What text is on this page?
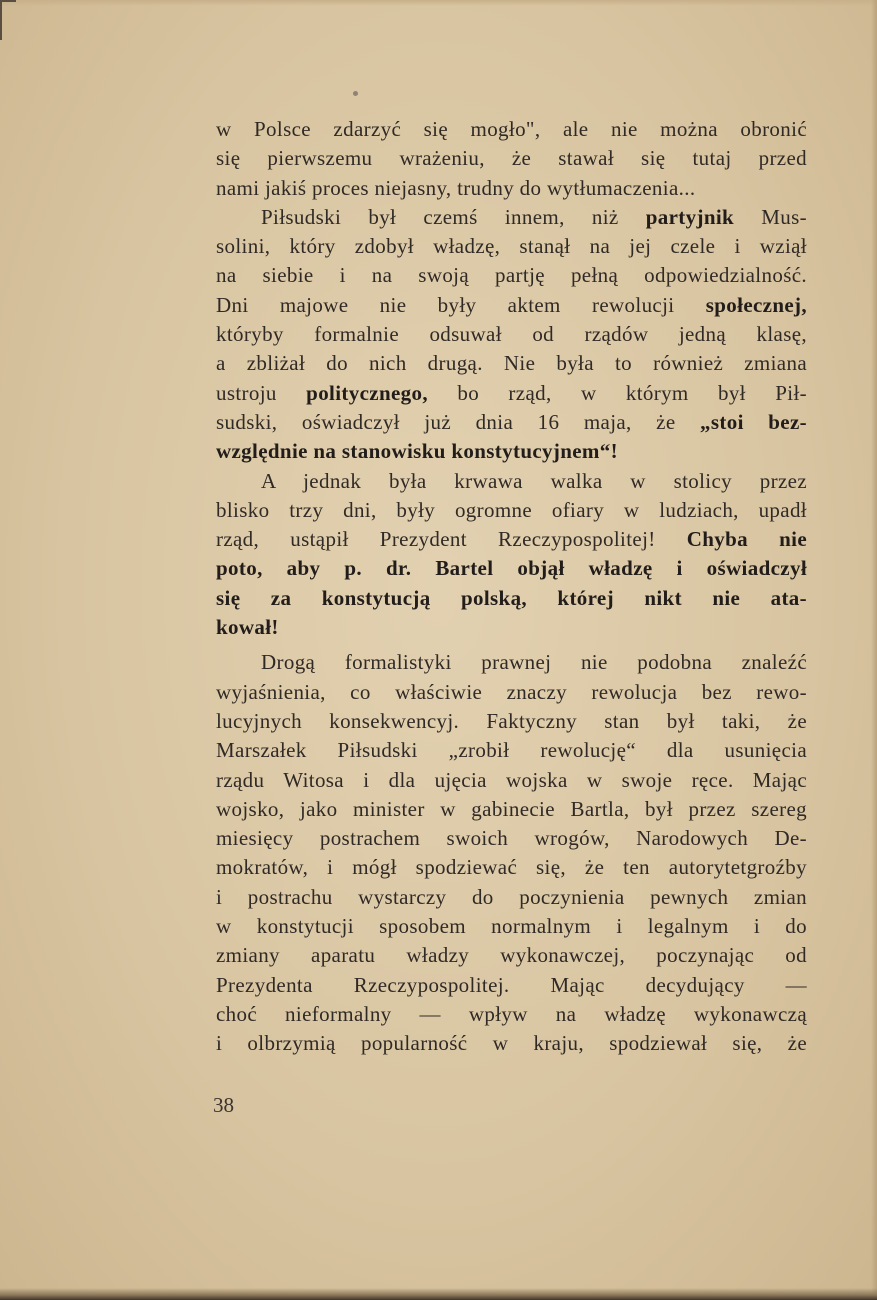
w Polsce zdarzyć się mogło", ale nie można obronić
się pierwszemu wrażeniu, że stawał się tutaj przed
nami jakiś proces niejasny, trudny do wytłumaczenia...
Piłsudski był czemś innem, niż partyjnik Mus-
solini, który zdobył władzę, stanął na jej czele i wziął
na siebie i na swoją partję pełną odpowiedzialność.
Dni majowe nie były aktem rewolucji społecznej,
któryby formalnie odsuwał od rządów jedną klasę,
a zbliżał do nich drugą. Nie była to również zmiana
ustroju politycznego, bo rząd, w którym był Pił-
sudski, oświadczył już dnia 16 maja, że „stoi bez-
względnie na stanowisku konstytucyjnem“!
A jednak była krwawa walka w stolicy przez
blisko trzy dni, były ogromne ofiary w ludziach, upadł
rząd, ustąpił Prezydent Rzeczypospolitej! Chyba nie
poto, aby p. dr. Bartel objął władzę i oświadczył
się za konstytucją polską, której nikt nie ata-
kował!
Drogą formalistyki prawnej nie podobna znaleźć
wyjaśnienia, co właściwie znaczy rewolucja bez rewo-
lucyjnych konsekwencyj. Faktyczny stan był taki, że
Marszałek Piłsudski „zrobił rewolucję“ dla usunięcia
rządu Witosa i dla ujęcia wojska w swoje ręce. Mając
wojsko, jako minister w gabinecie Bartla, był przez szereg
miesięcy postrachem swoich wrogów, Narodowych De-
mokratów, i mógł spodziewać się, że ten autorytetgroźby
i postrachu wystarczy do poczynienia pewnych zmian
w konstytucji sposobem normalnym i legalnym i do
zmiany aparatu władzy wykonawczej, poczynając od
Prezydenta Rzeczypospolitej. Mając decydujący —
choć nieformalny — wpływ na władzę wykonawczą
i olbrzymią popularność w kraju, spodziewał się, że
38
